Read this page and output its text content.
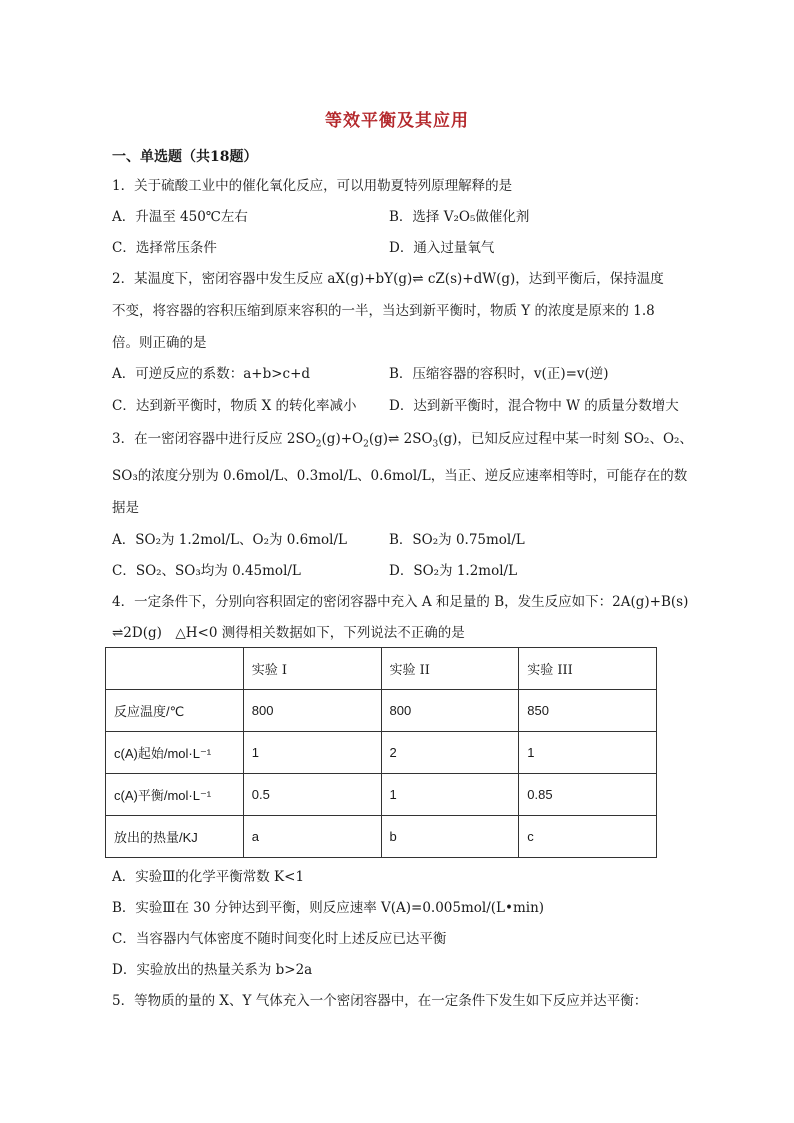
等效平衡及其应用
一、单选题（共18题）
1．关于硫酸工业中的催化氧化反应，可以用勒夏特列原理解释的是
A．升温至 450℃左右	B．选择 V₂O₅做催化剂
C．选择常压条件	D．通入过量氧气
2．某温度下，密闭容器中发生反应 aX(g)+bY(g)⇌ cZ(s)+dW(g)，达到平衡后，保持温度
不变，将容器的容积压缩到原来容积的一半，当达到新平衡时，物质 Y 的浓度是原来的 1.8
倍。则正确的是
A．可逆反应的系数：a+b>c+d	B．压缩容器的容积时，v(正)=v(逆)
C．达到新平衡时，物质 X 的转化率减小 D．达到新平衡时，混合物中 W 的质量分数增大
3．在一密闭容器中进行反应 $2SO_2(g)+O_2(g)\rightleftharpoons$ $2SO_3(g)$，已知反应过程中某一时刻 SO₂、O₂、
SO₃的浓度分别为 0.6mol/L、0.3mol/L、0.6mol/L，当正、逆反应速率相等时，可能存在的数
据是
A．SO₂为 1.2mol/L、O₂为 0.6mol/L	B．SO₂为 0.75mol/L
C．SO₂、SO₃均为 0.45mol/L	D．SO₂为 1.2mol/L
4．一定条件下，分别向容积固定的密闭容器中充入 A 和足量的 B，发生反应如下：2A(g)+B(s)
⇌2D(g)　△H<0 测得相关数据如下，下列说法不正确的是
	实验 I	实验 II	实验 III
反应温度/℃	800	800	850
c(A)起始/mol·L⁻¹	1	2	1
c(A)平衡/mol·L⁻¹	0.5	1	0.85
放出的热量/KJ	a	b	c
A．实验Ⅲ的化学平衡常数 K<1
B．实验Ⅲ在 30 分钟达到平衡，则反应速率 V(A)=0.005mol/(L•min)
C．当容器内气体密度不随时间变化时上述反应已达平衡
D．实验放出的热量关系为 b>2a
5．等物质的量的 X、Y 气体充入一个密闭容器中，在一定条件下发生如下反应并达平衡：
